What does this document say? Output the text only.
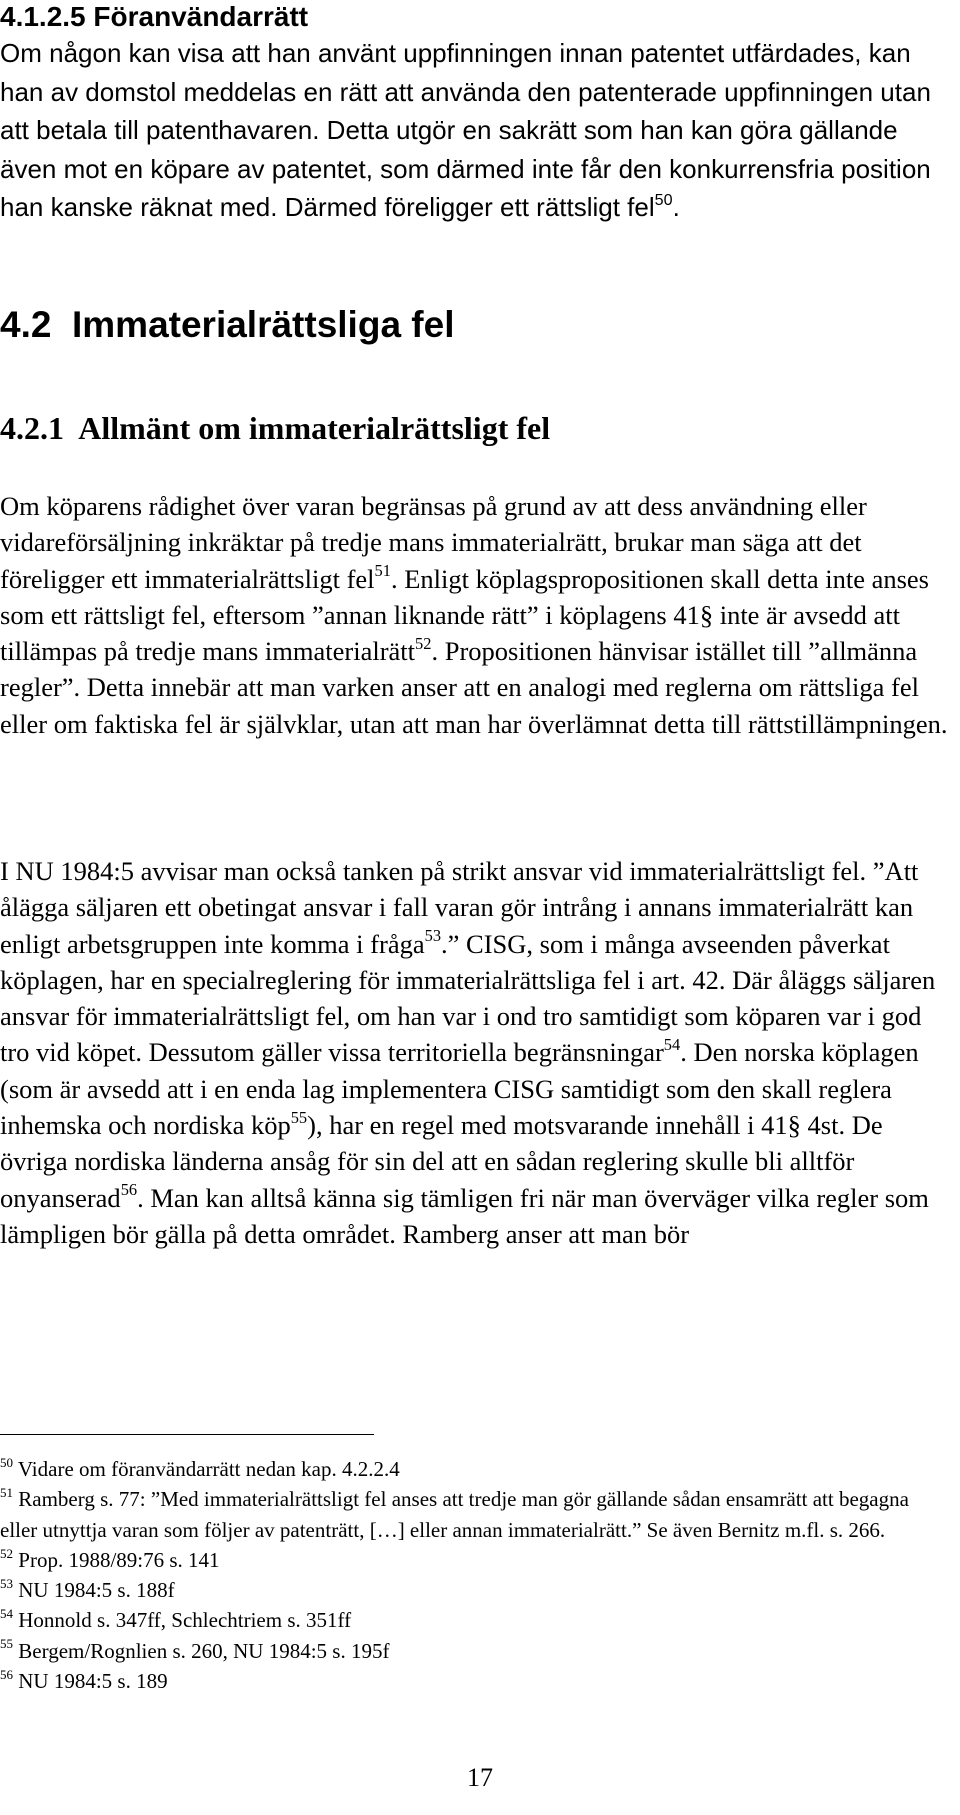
4.1.2.5 Föranvändarrätt

Om någon kan visa att han använt uppfinningen innan patentet utfärdades, kan han av domstol meddelas en rätt att använda den patenterade uppfinningen utan att betala till patenthavaren. Detta utgör en sakrätt som han kan göra gällande även mot en köpare av patentet, som därmed inte får den konkurrensfria position han kanske räknat med. Därmed föreligger ett rättsligt fel$^{50}$.

4.2  Immaterialrättsliga fel
4.2.1  Allmänt om immaterialrättsligt fel

Om köparens rådighet över varan begränsas på grund av att dess användning eller vidareförsäljning inkräktar på tredje mans immaterialrätt, brukar man säga att det föreligger ett immaterialrättsligt fel$^{51}$. Enligt köplagspropositionen skall detta inte anses som ett rättsligt fel, eftersom ”annan liknande rätt” i köplagens 41§ inte är avsedd att tillämpas på tredje mans immaterialrätt$^{52}$. Propositionen hänvisar istället till ”allmänna regler”. Detta innebär att man varken anser att en analogi med reglerna om rättsliga fel eller om faktiska fel är självklar, utan att man har överlämnat detta till rättstillämpningen.

I NU 1984:5 avvisar man också tanken på strikt ansvar vid immaterialrättsligt fel. ”Att ålägga säljaren ett obetingat ansvar i fall varan gör intrång i annans immaterialrätt kan enligt arbetsgruppen inte komma i fråga$^{53}$.” CISG, som i många avseenden påverkat köplagen, har en specialreglering för immaterialrättsliga fel i art. 42. Där åläggs säljaren ansvar för immaterialrättsligt fel, om han var i ond tro samtidigt som köparen var i god tro vid köpet. Dessutom gäller vissa territoriella begränsningar$^{54}$. Den norska köplagen (som är avsedd att i en enda lag implementera CISG samtidigt som den skall reglera inhemska och nordiska köp$^{55}$), har en regel med motsvarande innehåll i 41§ 4st. De övriga nordiska länderna ansåg för sin del att en sådan reglering skulle bli alltför onyanserad$^{56}$. Man kan alltså känna sig tämligen fri när man överväger vilka regler som lämpligen bör gälla på detta området. Ramberg anser att man bör

$^{50}$ Vidare om föranvändarrätt nedan kap. 4.2.2.4
$^{51}$ Ramberg s. 77: ”Med immaterialrättsligt fel anses att tredje man gör gällande sådan ensamrätt att begagna eller utnyttja varan som följer av patenträtt, […] eller annan immaterialrätt.” Se även Bernitz m.fl. s. 266.
$^{52}$ Prop. 1988/89:76 s. 141
$^{53}$ NU 1984:5 s. 188f
$^{54}$ Honnold s. 347ff, Schlechtriem s. 351ff
$^{55}$ Bergem/Rognlien s. 260, NU 1984:5 s. 195f
$^{56}$ NU 1984:5 s. 189
17
